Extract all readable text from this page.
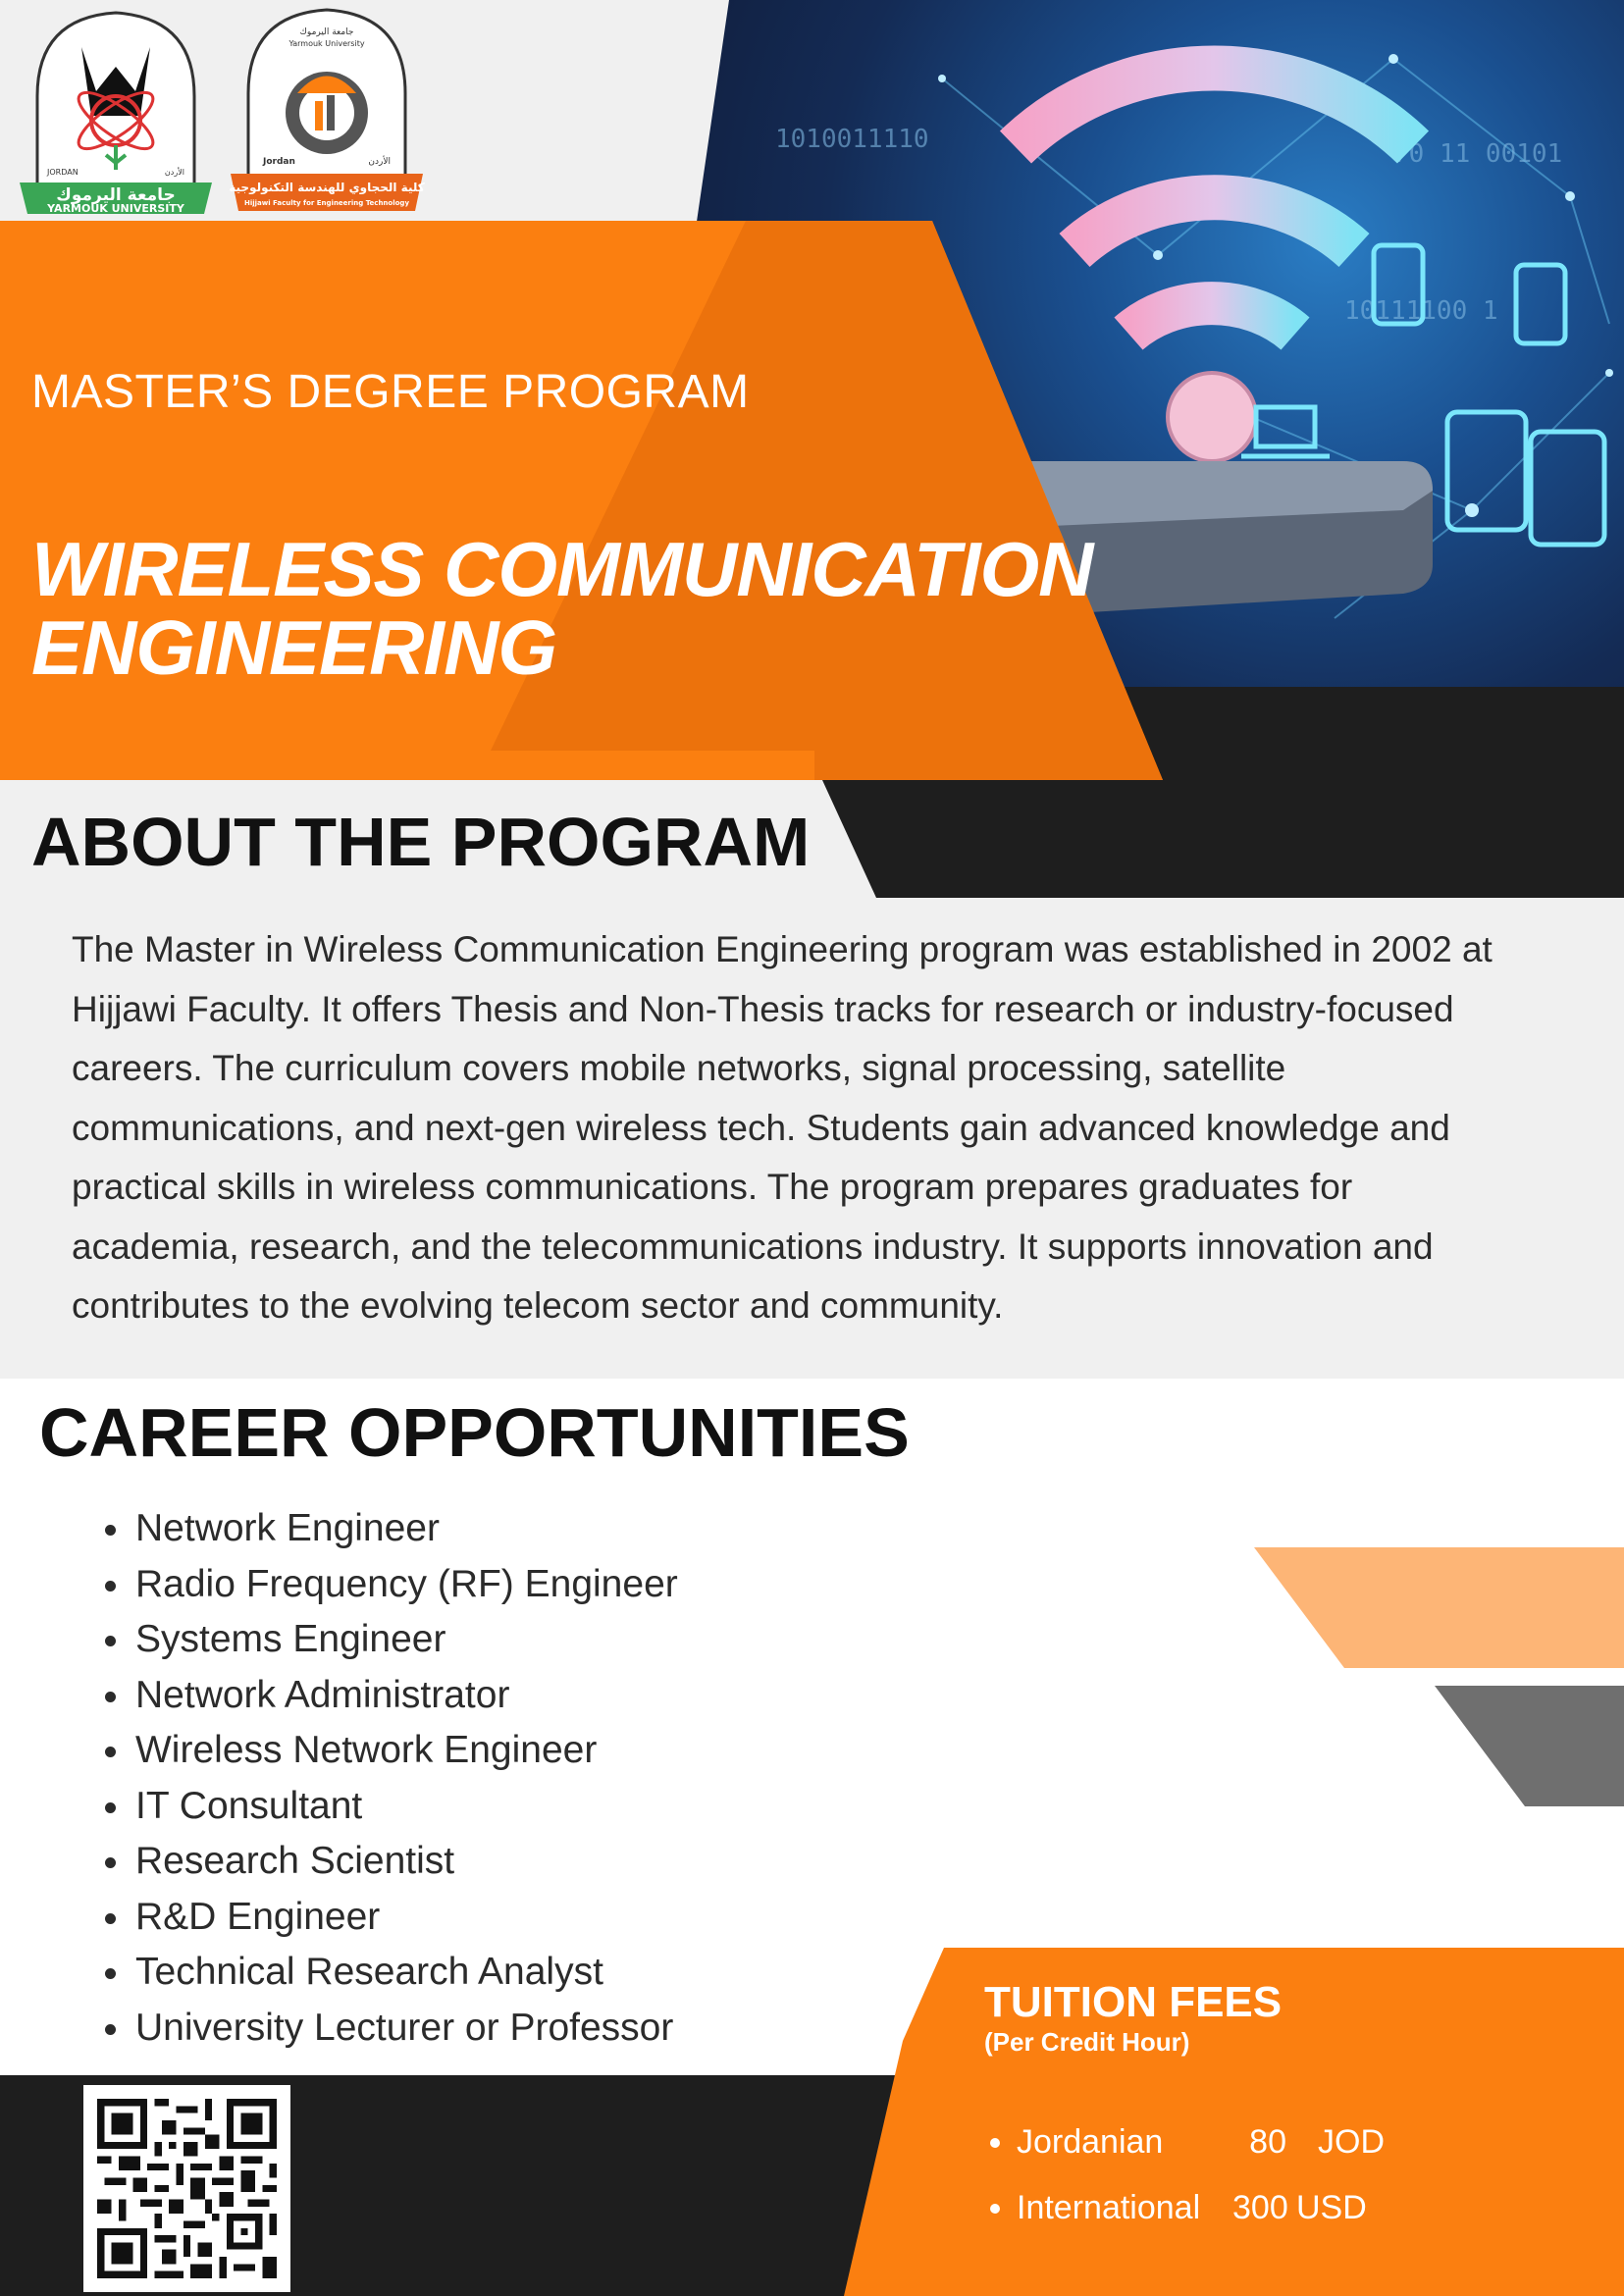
1010011110
10111100 1
70 11 00101
JORDAN	الأردن
جامعة اليرموك
YARMOUK UNIVERSITY
جامعة اليرموك
Yarmouk University
Jordan	الأردن
كلية الحجاوي للهندسة التكنولوجية
Hijjawi Faculty for Engineering Technology
MASTER’S DEGREE PROGRAM
WIRELESS COMMUNICATION
ENGINEERING
ABOUT THE PROGRAM
The Master in Wireless Communication Engineering program was established in 2002 at
Hijjawi Faculty. It offers Thesis and Non-Thesis tracks for research or industry-focused
careers. The curriculum covers mobile networks, signal processing, satellite
communications, and next-gen wireless tech. Students gain advanced knowledge and
practical skills in wireless communications. The program prepares graduates for
academia, research, and the telecommunications industry. It supports innovation and
contributes to the evolving telecom sector and community.
CAREER OPPORTUNITIES
• Network Engineer
• Radio Frequency (RF) Engineer
• Systems Engineer
• Network Administrator
• Wireless Network Engineer
• IT Consultant
• Research Scientist
• R&D Engineer
• Technical Research Analyst
• University Lecturer or Professor
TUITION FEES
(Per Credit Hour)
• Jordanian	80 JOD
• International 300 USD
